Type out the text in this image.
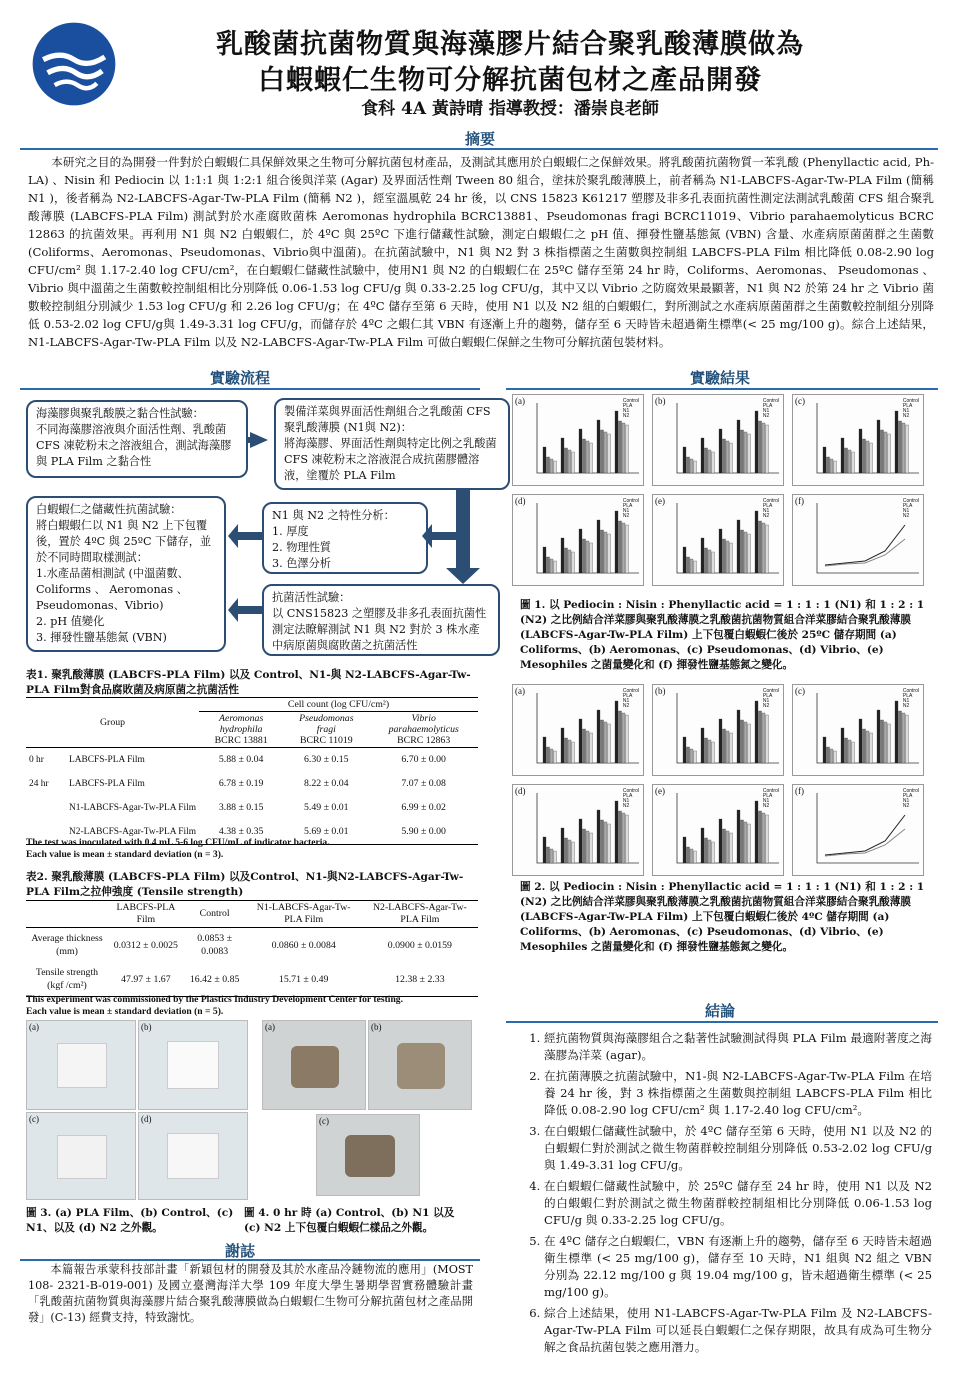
乳酸菌抗菌物質與海藻膠片結合聚乳酸薄膜做為
白蝦蝦仁生物可分解抗菌包材之產品開發
食科 4A 黃詩晴 指導教授：潘崇良老師
摘要
本研究之目的為開發一件對於白蝦蝦仁具保鮮效果之生物可分解抗菌包材產品，及測試其應用於白蝦蝦仁之保鮮效果。將乳酸菌抗菌物質一苯乳酸 (Phenyllactic acid, Ph-LA) 、Nisin 和 Pediocin 以 1:1:1 與 1:2:1 組合後與洋菜 (Agar) 及界面活性劑 Tween 80 組合，塗抹於聚乳酸薄膜上，前者稱為 N1-LABCFS-Agar-Tw-PLA Film (簡稱 N1 )，後者稱為 N2-LABCFS-Agar-Tw-PLA Film (簡稱 N2 )，經室溫風乾 24 hr 後，以 CNS 15823 K61217 塑膠及非多孔表面抗菌性測定法測試乳酸菌 CFS 組合聚乳酸薄膜 (LABCFS-PLA Film) 測試對於水產腐敗菌株 Aeromonas hydrophila BCRC13881、Pseudomonas fragi BCRC11019、Vibrio parahaemolyticus BCRC 12863 的抗菌效果。再利用 N1 與 N2 白蝦蝦仁，於 4ºC 與 25ºC 下進行儲藏性試驗，測定白蝦蝦仁之 pH 值、揮發性鹽基態氮 (VBN) 含量、水產病原菌菌群之生菌數 (Coliforms、Aeromonas、Pseudomonas、Vibrio與中溫菌)。在抗菌試驗中，N1 與 N2 對 3 株指標菌之生菌數與控制組 LABCFS-PLA Film 相比降低 0.08-2.90 log CFU/cm² 與 1.17-2.40 log CFU/cm²，在白蝦蝦仁儲藏性試驗中，使用N1 與 N2 的白蝦蝦仁在 25ºC 儲存至第 24 hr 時，Coliforms、Aeromonas、 Pseudomonas 、Vibrio 與中溫菌之生菌數較控制組相比分別降低 0.06-1.53 log CFU/g 與 0.33-2.25 log CFU/g，其中又以 Vibrio 之防腐效果最顯著，N1 與 N2 於第 24 hr 之 Vibrio 菌數較控制組分別減少 1.53 log CFU/g 和 2.26 log CFU/g；在 4ºC 儲存至第 6 天時，使用 N1 以及 N2 組的白蝦蝦仁，對所測試之水產病原菌菌群之生菌數較控制組分別降低 0.53-2.02 log CFU/g與 1.49-3.31 log CFU/g，而儲存於 4ºC 之蝦仁其 VBN 有逐漸上升的趨勢，儲存至 6 天時皆未超過衛生標準(< 25 mg/100 g)。綜合上述結果，N1-LABCFS-Agar-Tw-PLA Film 以及 N2-LABCFS-Agar-Tw-PLA Film 可做白蝦蝦仁保鮮之生物可分解抗菌包裝材料。
實驗流程
海藻膠與聚乳酸膜之黏合性試驗：
不同海藻膠溶液與介面活性劑、乳酸菌 CFS 凍乾粉末之溶液組合，測試海藻膠與 PLA Film 之黏合性
製備洋菜與界面活性劑組合之乳酸菌 CFS 聚乳酸薄膜 (N1與 N2)：
將海藻膠、界面活性劑與特定比例之乳酸菌 CFS 凍乾粉末之溶液混合成抗菌膠體溶液，塗覆於 PLA Film
白蝦蝦仁之儲藏性抗菌試驗：
將白蝦蝦仁以 N1 與 N2 上下包覆後，置於 4ºC 與 25ºC 下儲存，並於不同時間取樣測試：
1.水產品菌相測試 (中溫菌數、Coliforms 、 Aeromonas 、 Pseudomonas、Vibrio)
2. pH 值變化
3. 揮發性鹽基態氮 (VBN)
N1 與 N2 之特性分析：
1. 厚度
2. 物理性質
3. 色澤分析
抗菌活性試驗：
以 CNS15823 之塑膠及非多孔表面抗菌性測定法瞭解測試 N1 與 N2 對於 3 株水產中病原菌與腐敗菌之抗菌活性
表1. 聚乳酸薄膜 (LABCFS-PLA Film) 以及 Control、N1-與 N2-LABCFS-Agar-Tw-PLA Film對食品腐敗菌及病原菌之抗菌活性
Group	Cell count (log CFU/cm²)		
	Aeromonas
hydrophila
BCRC 13881	Pseudomonas
fragi
BCRC 11019	Vibrio
parahaemolyticus
BCRC 12863
0 hr LABCFS-PLA Film	5.88 ± 0.04	6.30 ± 0.15	6.70 ± 0.00
24 hr LABCFS-PLA Film	6.78 ± 0.19	8.22 ± 0.04	7.07 ± 0.08
N1-LABCFS-Agar-Tw-PLA Film	3.88 ± 0.15	5.49 ± 0.01	6.99 ± 0.02
N2-LABCFS-Agar-Tw-PLA Film	4.38 ± 0.35	5.69 ± 0.01	5.90 ± 0.00
The test was inoculated with 0.4 mL 5-6 log CFU/mL of indicator bacteria.
Each value is mean ± standard deviation (n = 3).
表2. 聚乳酸薄膜 (LABCFS-PLA Film) 以及Control、N1-與N2-LABCFS-Agar-Tw-PLA Film之拉伸強度 (Tensile strength)
	LABCFS-PLA Film	Control	N1-LABCFS-Agar-Tw-PLA Film	N2-LABCFS-Agar-Tw-PLA Film
Average thickness (mm)	0.0312 ± 0.0025	0.0853 ± 0.0083	0.0860 ± 0.0084	0.0900 ± 0.0159
Tensile strength (kgf /cm²)	47.97 ± 1.67	16.42 ± 0.85	15.71 ± 0.49	12.38 ± 2.33
This experiment was commissioned by the Plastics Industry Development Center for testing.
Each value is mean ± standard deviation (n = 5).
(a)	(b)
(c)	(d)
圖 3. (a) PLA Film、(b) Control、(c) N1、以及 (d) N2 之外觀。
(a)	(b)
(c)
圖 4. 0 hr 時 (a) Control、(b) N1 以及 (c) N2 上下包覆白蝦蝦仁樣品之外觀。
謝誌
本篇報告承蒙科技部計畫「新穎包材的開發及其於水產品冷鏈物流的應用」(MOST 108- 2321-B-019-001) 及國立臺灣海洋大學 109 年度大學生暑期學習實務體驗計畫「乳酸菌抗菌物質與海藻膠片結合聚乳酸薄膜做為白蝦蝦仁生物可分解抗菌包材之產品開發」(C-13) 經費支持，特致謝忱。
實驗結果
(a)	Control
PLA
N1
N2
(b)	Control
PLA
N1
N2
(c)	Control
PLA
N1
N2
(d)	Control
PLA
N1
N2
(e)	Control
PLA
N1
N2
(f)	Control
PLA
N1
N2
圖 1. 以 Pediocin : Nisin : Phenyllactic acid = 1 : 1 : 1 (N1) 和 1 : 2 : 1 (N2) 之比例結合洋菜膠與聚乳酸薄膜之乳酸菌抗菌物質組合洋菜膠結合聚乳酸薄膜 (LABCFS-Agar-Tw-PLA Film) 上下包覆白蝦蝦仁後於 25ºC 儲存期間 (a) Coliforms、(b) Aeromonas、(c) Pseudomonas、(d) Vibrio、(e) Mesophiles 之菌量變化和 (f) 揮發性鹽基態氮之變化。
(a)	Control
PLA
N1
N2
(b)	Control
PLA
N1
N2
(c)	Control
PLA
N1
N2
(d)	Control
PLA
N1
N2
(e)	Control
PLA
N1
N2
(f)	Control
PLA
N1
N2
圖 2. 以 Pediocin : Nisin : Phenyllactic acid = 1 : 1 : 1 (N1) 和 1 : 2 : 1 (N2) 之比例結合洋菜膠與聚乳酸薄膜之乳酸菌抗菌物質組合洋菜膠結合聚乳酸薄膜 (LABCFS-Agar-Tw-PLA Film) 上下包覆白蝦蝦仁後於 4ºC 儲存期間 (a) Coliforms、(b) Aeromonas、(c) Pseudomonas、(d) Vibrio、(e) Mesophiles 之菌量變化和 (f) 揮發性鹽基態氮之變化。
結論
1. 經抗菌物質與海藻膠組合之黏著性試驗測試得與 PLA Film 最適附著度之海藻膠為洋菜 (agar)。
2. 在抗菌薄膜之抗菌試驗中，N1-與 N2-LABCFS-Agar-Tw-PLA Film 在培養 24 hr 後，對 3 株指標菌之生菌數與控制組 LABCFS-PLA Film 相比降低 0.08-2.90 log CFU/cm² 與 1.17-2.40 log CFU/cm²。
3. 在白蝦蝦仁儲藏性試驗中，於 4ºC 儲存至第 6 天時，使用 N1 以及 N2 的白蝦蝦仁對於測試之微生物菌群較控制組分別降低 0.53-2.02 log CFU/g 與 1.49-3.31 log CFU/g。
4. 在白蝦蝦仁儲藏性試驗中，於 25ºC 儲存至 24 hr 時，使用 N1 以及 N2 的白蝦蝦仁對於測試之微生物菌群較控制組相比分別降低 0.06-1.53 log CFU/g 與 0.33-2.25 log CFU/g。
5. 在 4ºC 儲存之白蝦蝦仁，VBN 有逐漸上升的趨勢，儲存至 6 天時皆未超過衛生標準 (< 25 mg/100 g)，儲存至 10 天時，N1 組與 N2 組之 VBN 分別為 22.12 mg/100 g 與 19.04 mg/100 g，皆未超過衛生標準 (< 25 mg/100 g)。
6. 綜合上述結果，使用 N1-LABCFS-Agar-Tw-PLA Film 及 N2-LABCFS-Agar-Tw-PLA Film 可以延長白蝦蝦仁之保存期限，故具有成為可生物分解之食品抗菌包裝之應用潛力。
